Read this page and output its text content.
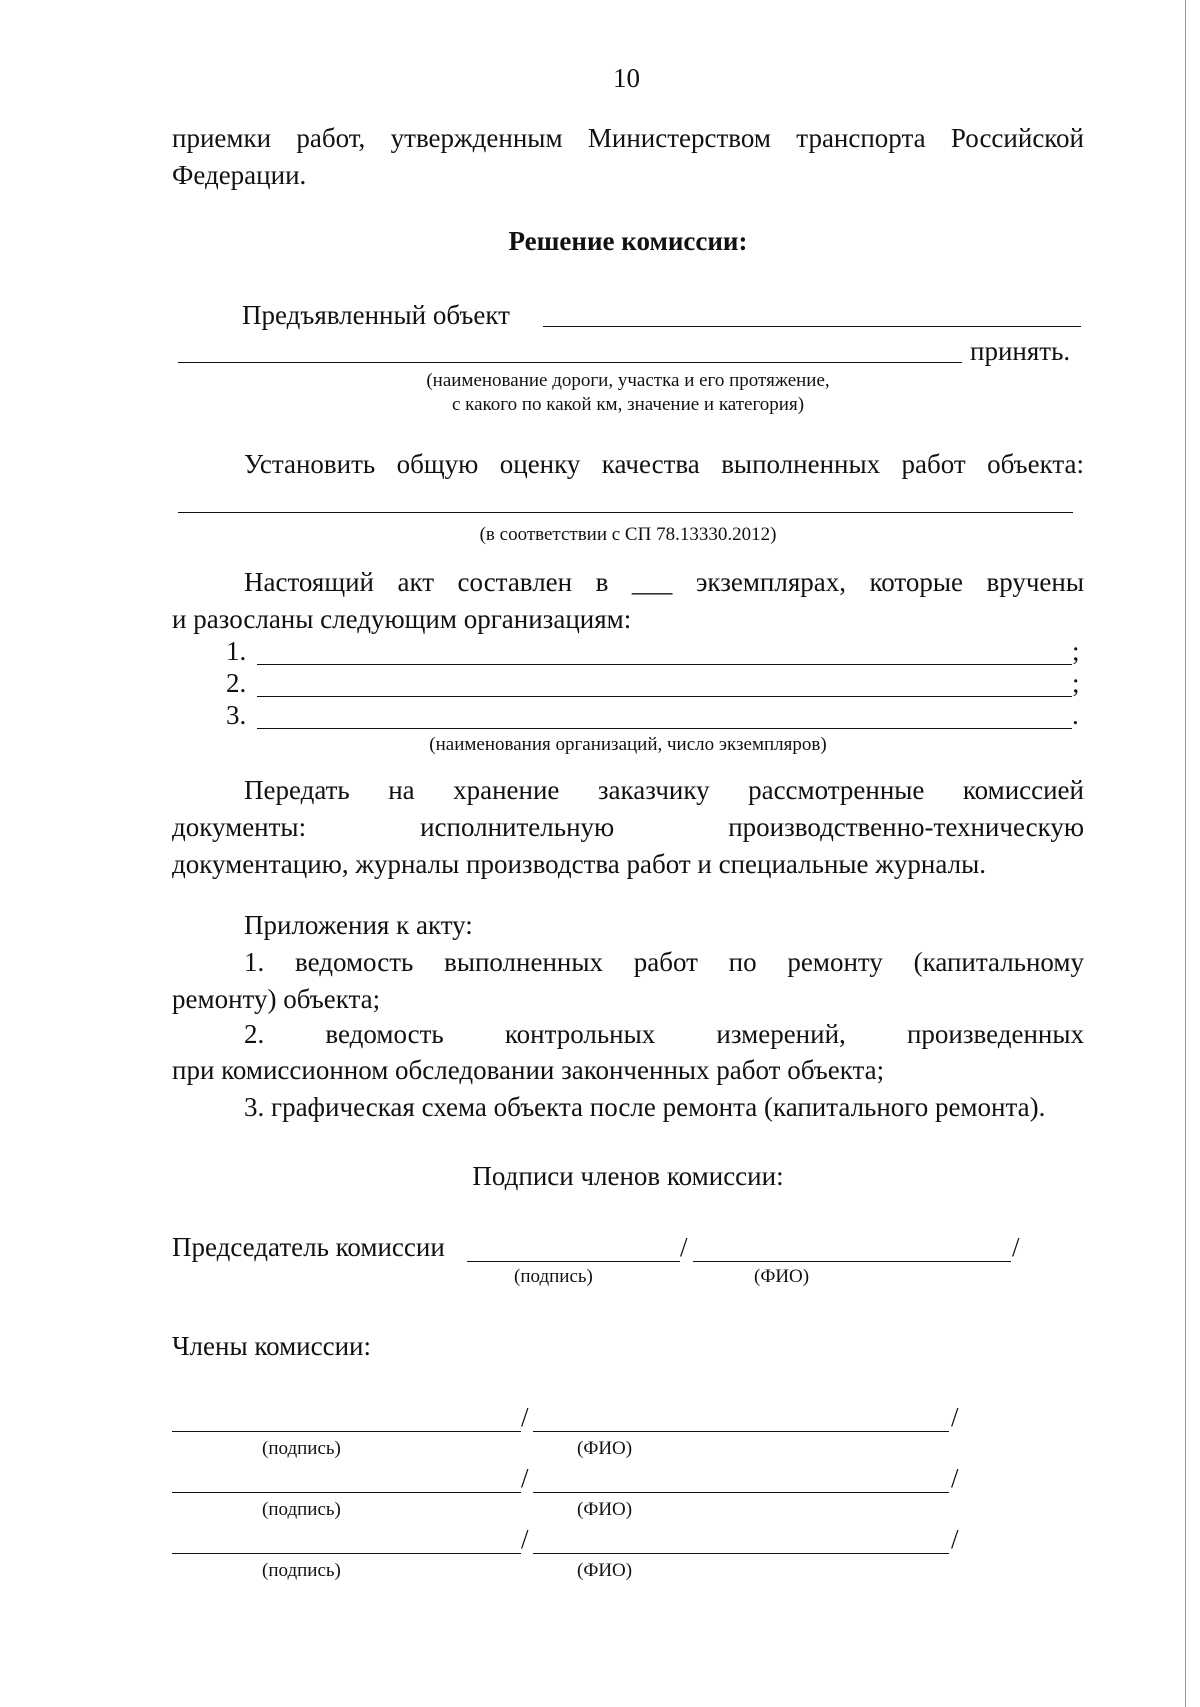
10
приемки работ, утвержденным Министерством транспорта Российской
Федерации.
Решение комиссии:
Предъявленный объект
принять.
(наименование дороги, участка и его протяжение,
с какого по какой км, значение и категория)
Установить общую оценку качества выполненных работ объекта:
(в соответствии с СП 78.13330.2012)
Настоящий акт составлен в ___ экземплярах, которые вручены
и разосланы следующим организациям:
1.	;
2.	;
3.	.
(наименования организаций, число экземпляров)
Передать на хранение заказчику рассмотренные комиссией
документы: исполнительную производственно-техническую
документацию, журналы производства работ и специальные журналы.
Приложения к акту:
1. ведомость выполненных работ по ремонту (капитальному
ремонту) объекта;
2. ведомость контрольных измерений, произведенных
при комиссионном обследовании законченных работ объекта;
3. графическая схема объекта после ремонта (капитального ремонта).
Подписи членов комиссии:
Председатель комиссии	/	/
(подпись)	(ФИО)
Члены комиссии:
/	/
(подпись)	(ФИО)
/	/
(подпись)	(ФИО)
/	/
(подпись)	(ФИО)
